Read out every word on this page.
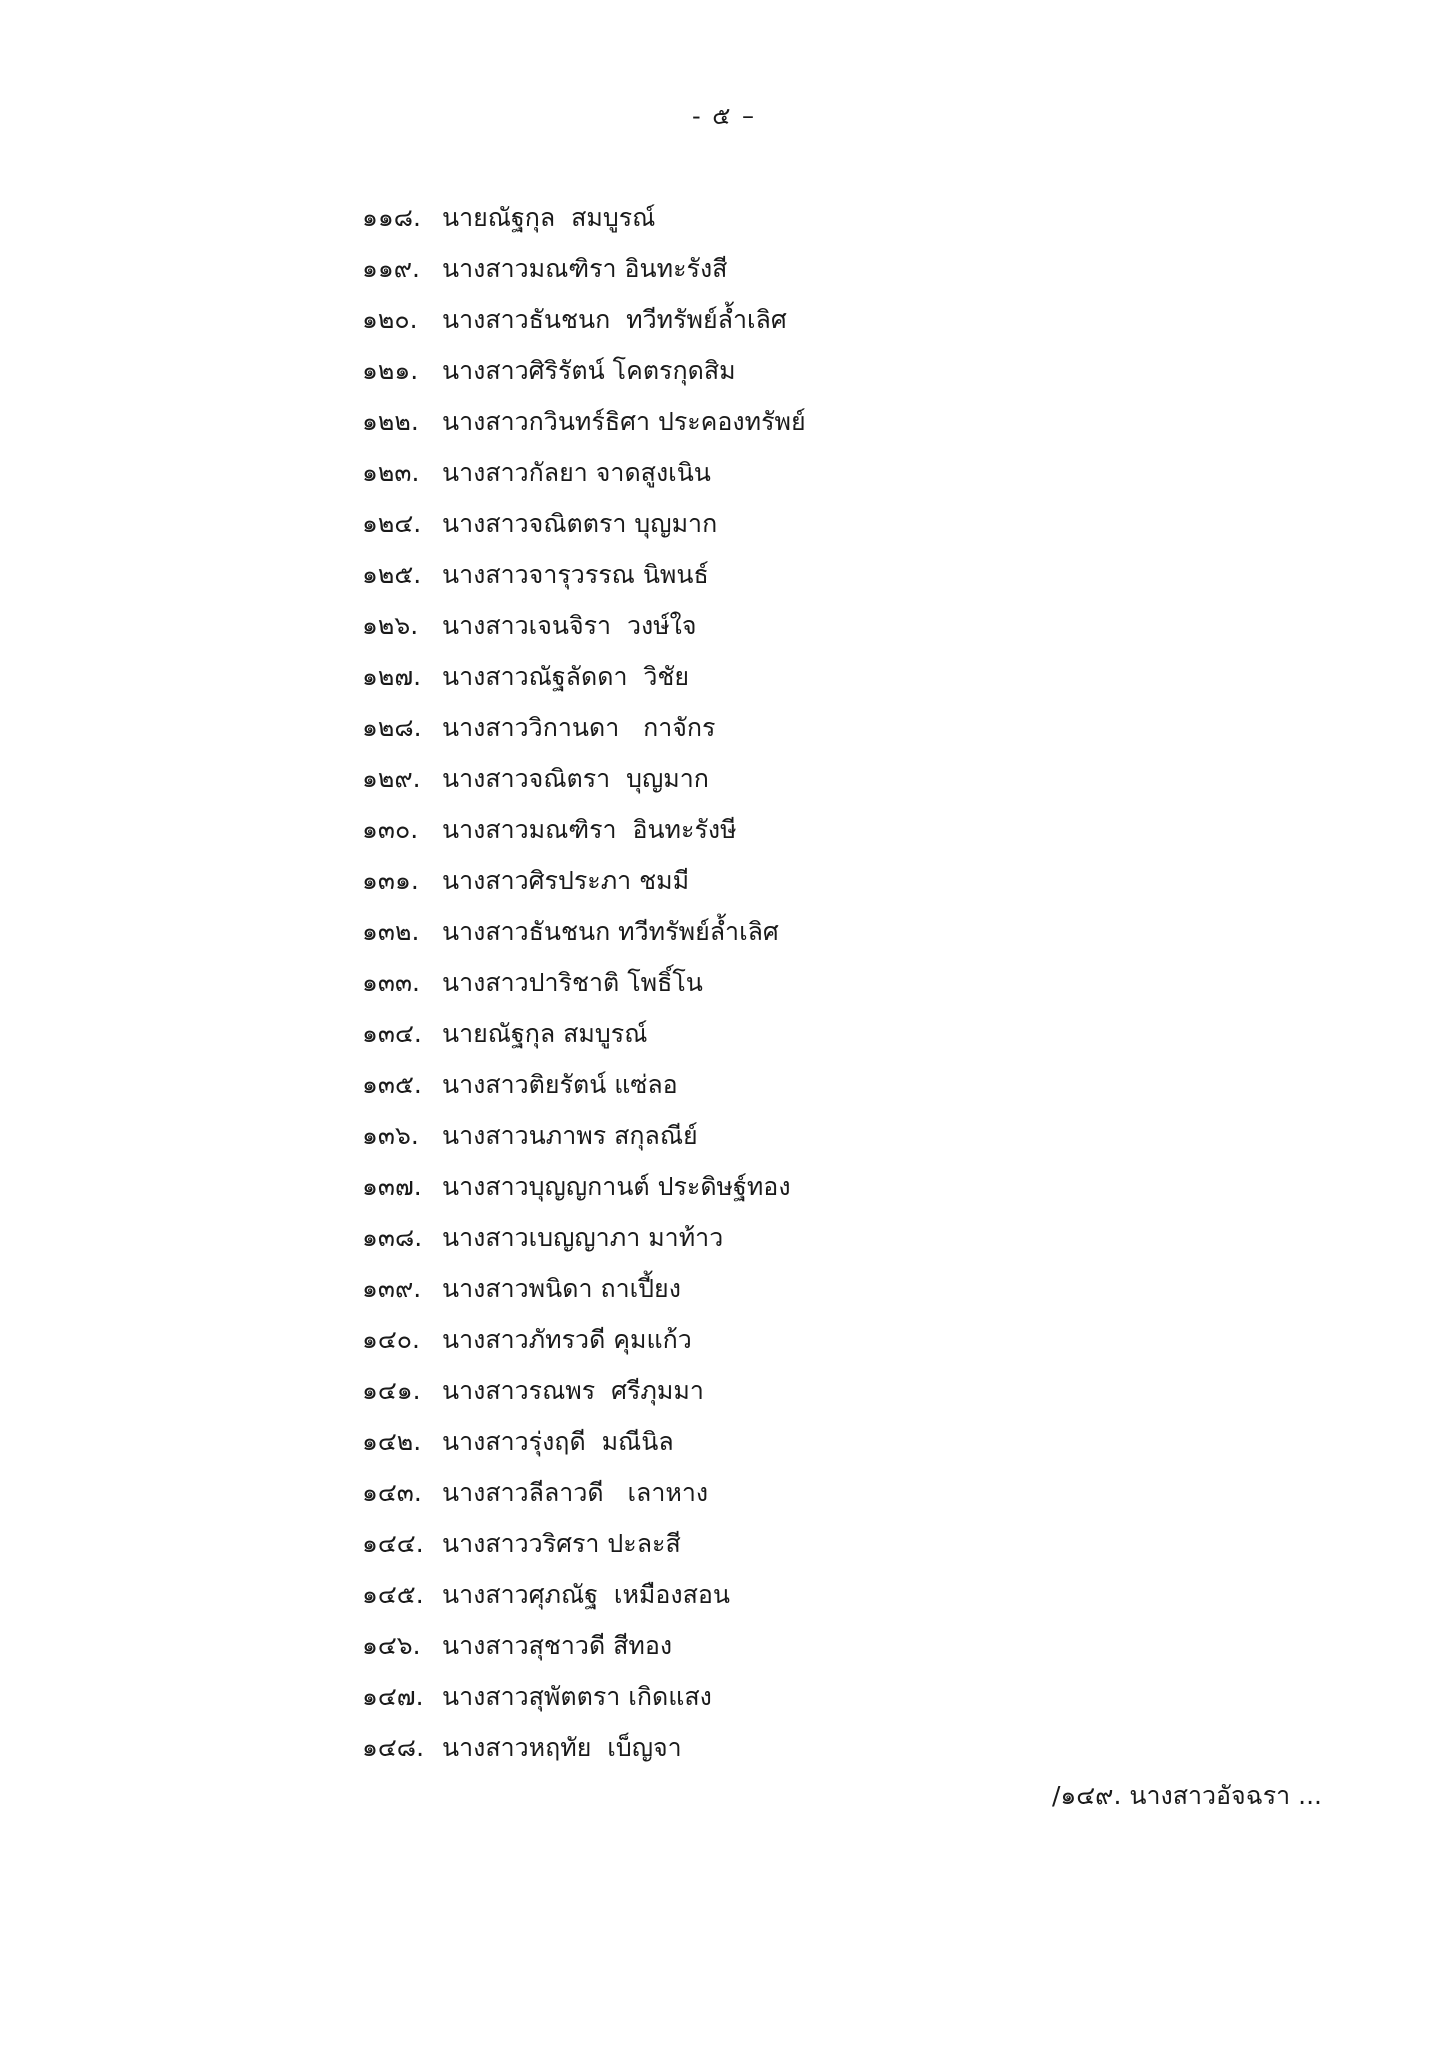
- ๕ –
๑๑๘. นายณัฐกุล  สมบูรณ์
๑๑๙. นางสาวมณฑิรา อินทะรังสี
๑๒๐. นางสาวธันชนก  ทวีทรัพย์ล้ำเลิศ
๑๒๑. นางสาวศิริรัตน์ โคตรกุดสิม
๑๒๒. นางสาวกวินทร์ธิศา ประคองทรัพย์
๑๒๓. นางสาวกัลยา จาดสูงเนิน
๑๒๔. นางสาวจณิตตรา บุญมาก
๑๒๕. นางสาวจารุวรรณ นิพนธ์
๑๒๖. นางสาวเจนจิรา  วงษ์ใจ
๑๒๗. นางสาวณัฐลัดดา  วิชัย
๑๒๘. นางสาววิกานดา   กาจักร
๑๒๙. นางสาวจณิตรา  บุญมาก
๑๓๐. นางสาวมณฑิรา  อินทะรังษี
๑๓๑. นางสาวศิรประภา ชมมี
๑๓๒. นางสาวธันชนก ทวีทรัพย์ล้ำเลิศ
๑๓๓. นางสาวปาริชาติ โพธิ์โน
๑๓๔. นายณัฐกุล สมบูรณ์
๑๓๕. นางสาวติยรัตน์ แซ่ลอ
๑๓๖. นางสาวนภาพร สกุลณีย์
๑๓๗. นางสาวบุญญกานต์ ประดิษฐ์ทอง
๑๓๘. นางสาวเบญญาภา มาท้าว
๑๓๙. นางสาวพนิดา ถาเปี้ยง
๑๔๐. นางสาวภัทรวดี คุมแก้ว
๑๔๑. นางสาวรณพร  ศรีภุมมา
๑๔๒. นางสาวรุ่งฤดี  มณีนิล
๑๔๓. นางสาวลีลาวดี   เลาหาง
๑๔๔. นางสาววริศรา ปะละสี
๑๔๕. นางสาวศุภณัฐ  เหมืองสอน
๑๔๖. นางสาวสุชาวดี สีทอง
๑๔๗. นางสาวสุพัตตรา เกิดแสง
๑๔๘. นางสาวหฤทัย  เบ็ญจา
/๑๔๙. นางสาวอัจฉรา ...
